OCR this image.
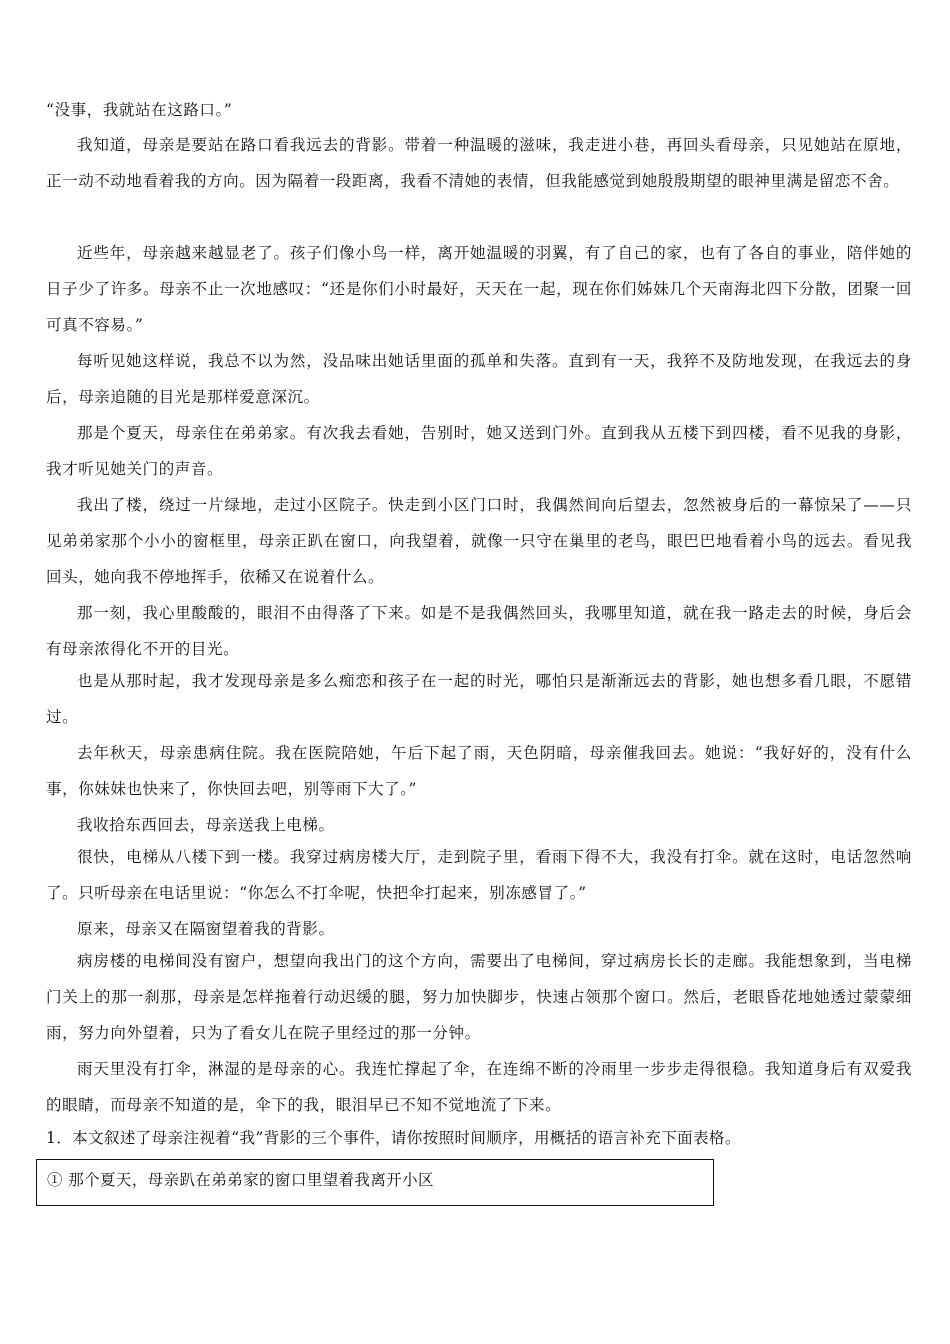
“没事，我就站在这路口。”

我知道，母亲是要站在路口看我远去的背影。带着一种温暖的滋味，我走进小巷，再回头看母亲，只见她站在原地，正一动不动地看着我的方向。因为隔着一段距离，我看不清她的表情，但我能感觉到她殷殷期望的眼神里满是留恋不舍。

近些年，母亲越来越显老了。孩子们像小鸟一样，离开她温暖的羽翼，有了自己的家，也有了各自的事业，陪伴她的日子少了许多。母亲不止一次地感叹：“还是你们小时最好，天天在一起，现在你们姊妹几个天南海北四下分散，团聚一回可真不容易。”

每听见她这样说，我总不以为然，没品味出她话里面的孤单和失落。直到有一天，我猝不及防地发现，在我远去的身后，母亲追随的目光是那样爱意深沉。

那是个夏天，母亲住在弟弟家。有次我去看她，告别时，她又送到门外。直到我从五楼下到四楼，看不见我的身影，我才听见她关门的声音。

我出了楼，绕过一片绿地，走过小区院子。快走到小区门口时，我偶然间向后望去，忽然被身后的一幕惊呆了——只见弟弟家那个小小的窗框里，母亲正趴在窗口，向我望着，就像一只守在巢里的老鸟，眼巴巴地看着小鸟的远去。看见我回头，她向我不停地挥手，依稀又在说着什么。

那一刻，我心里酸酸的，眼泪不由得落了下来。如是不是我偶然回头，我哪里知道，就在我一路走去的时候，身后会有母亲浓得化不开的目光。

也是从那时起，我才发现母亲是多么痴恋和孩子在一起的时光，哪怕只是渐渐远去的背影，她也想多看几眼，不愿错过。

去年秋天，母亲患病住院。我在医院陪她，午后下起了雨，天色阴暗，母亲催我回去。她说：“我好好的，没有什么事，你妹妹也快来了，你快回去吧，别等雨下大了。”

我收拾东西回去，母亲送我上电梯。

很快，电梯从八楼下到一楼。我穿过病房楼大厅，走到院子里，看雨下得不大，我没有打伞。就在这时，电话忽然响了。只听母亲在电话里说：“你怎么不打伞呢，快把伞打起来，别冻感冒了。”

原来，母亲又在隔窗望着我的背影。

病房楼的电梯间没有窗户，想望向我出门的这个方向，需要出了电梯间，穿过病房长长的走廊。我能想象到，当电梯门关上的那一刹那，母亲是怎样拖着行动迟缓的腿，努力加快脚步，快速占领那个窗口。然后，老眼昏花地她透过蒙蒙细雨，努力向外望着，只为了看女儿在院子里经过的那一分钟。

雨天里没有打伞，淋湿的是母亲的心。我连忙撑起了伞，在连绵不断的冷雨里一步步走得很稳。我知道身后有双爱我的眼睛，而母亲不知道的是，伞下的我，眼泪早已不知不觉地流了下来。

1．本文叙述了母亲注视着“我”背影的三个事件，请你按照时间顺序，用概括的语言补充下面表格。

① 那个夏天，母亲趴在弟弟家的窗口里望着我离开小区
